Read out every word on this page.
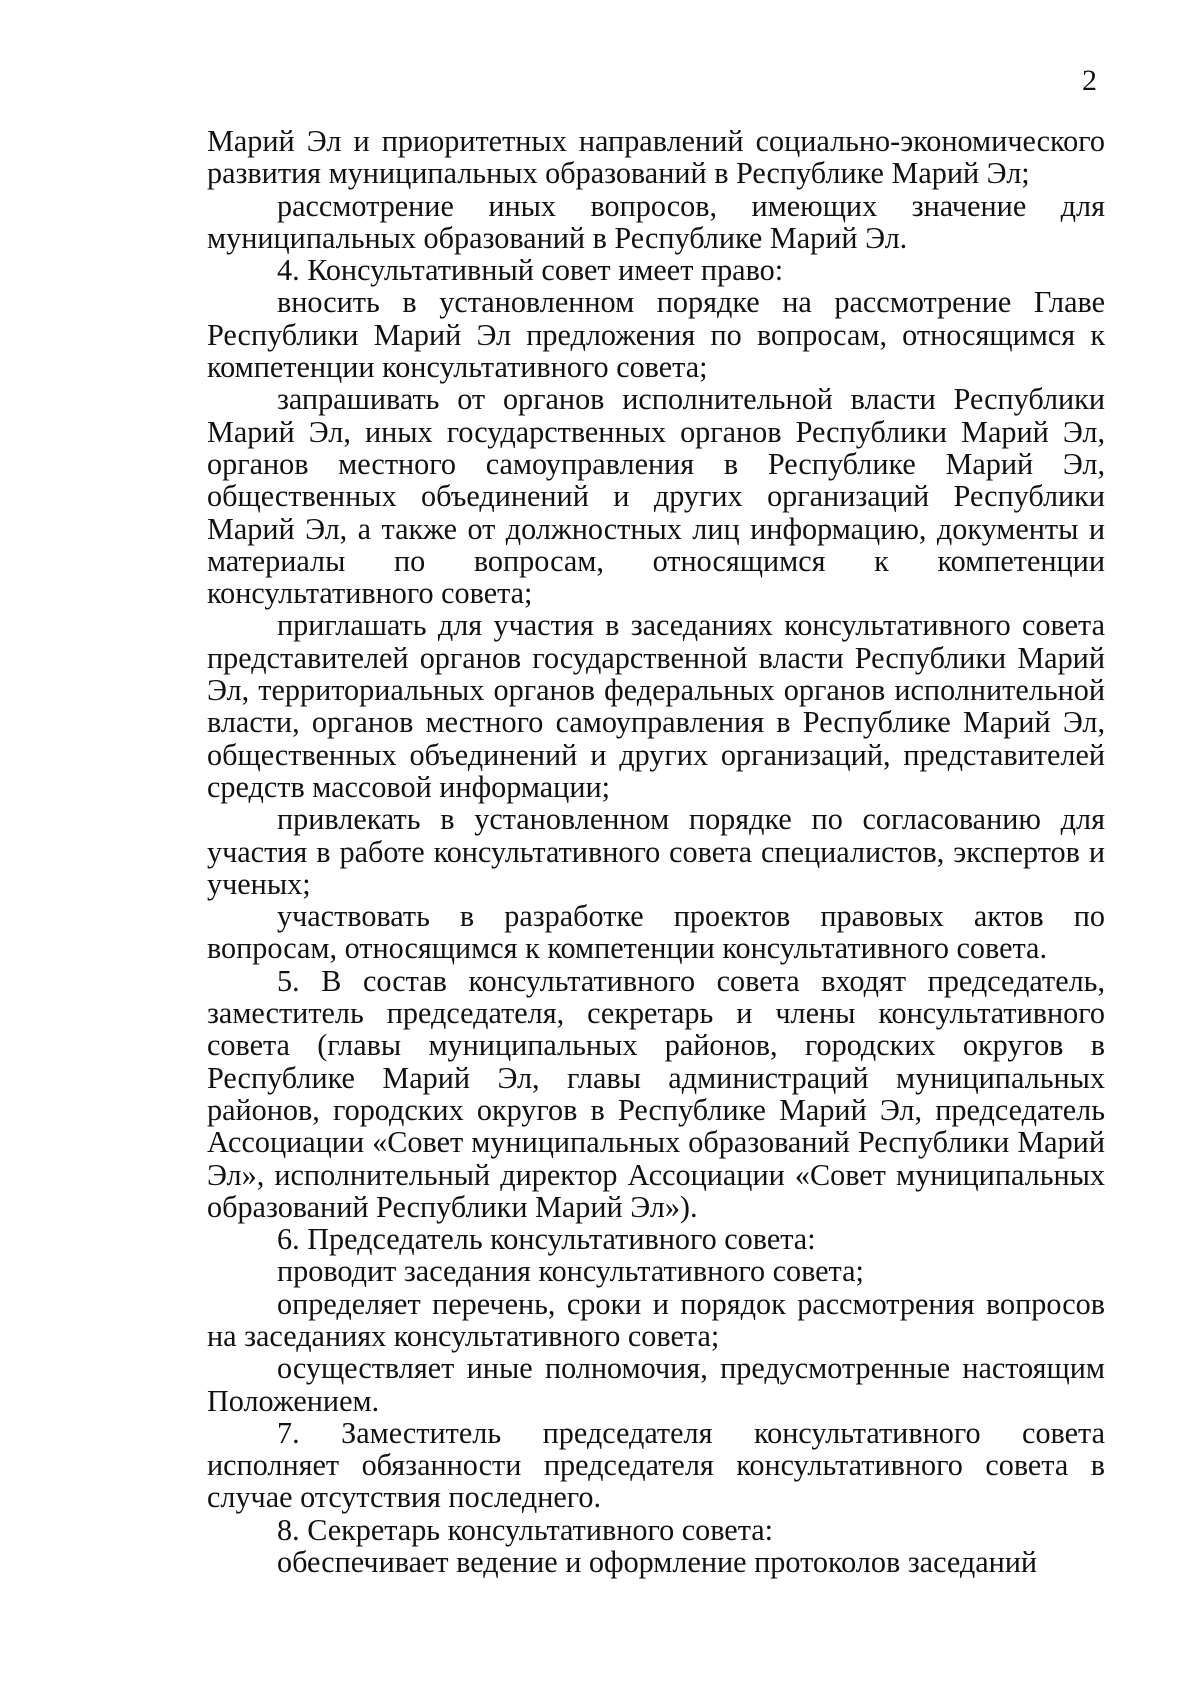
2

Марий Эл и приоритетных направлений социально-экономического развития муниципальных образований в Республике Марий Эл;

рассмотрение иных вопросов, имеющих значение для муниципальных образований в Республике Марий Эл.

4. Консультативный совет имеет право:

вносить в установленном порядке на рассмотрение Главе Республики Марий Эл предложения по вопросам, относящимся к компетенции консультативного совета;

запрашивать от органов исполнительной власти Республики Марий Эл, иных государственных органов Республики Марий Эл, органов местного самоуправления в Республике Марий Эл, общественных объединений и других организаций Республики Марий Эл, а также от должностных лиц информацию, документы и материалы по вопросам, относящимся к компетенции консультативного совета;

приглашать для участия в заседаниях консультативного совета представителей органов государственной власти Республики Марий Эл, территориальных органов федеральных органов исполнительной власти, органов местного самоуправления в Республике Марий Эл, общественных объединений и других организаций, представителей средств массовой информации;

привлекать в установленном порядке по согласованию для участия в работе консультативного совета специалистов, экспертов и ученых;

участвовать в разработке проектов правовых актов по вопросам, относящимся к компетенции консультативного совета.

5. В состав консультативного совета входят председатель, заместитель председателя, секретарь и члены консультативного совета (главы муниципальных районов, городских округов в Республике Марий Эл, главы администраций муниципальных районов, городских округов в Республике Марий Эл, председатель Ассоциации «Совет муниципальных образований Республики Марий Эл», исполнительный директор Ассоциации «Совет муниципальных образований Республики Марий Эл»).

6. Председатель консультативного совета:

проводит заседания консультативного совета;

определяет перечень, сроки и порядок рассмотрения вопросов на заседаниях консультативного совета;

осуществляет иные полномочия, предусмотренные настоящим Положением.

7. Заместитель председателя консультативного совета исполняет обязанности председателя консультативного совета в случае отсутствия последнего.

8. Секретарь консультативного совета:

обеспечивает ведение и оформление протоколов заседаний
